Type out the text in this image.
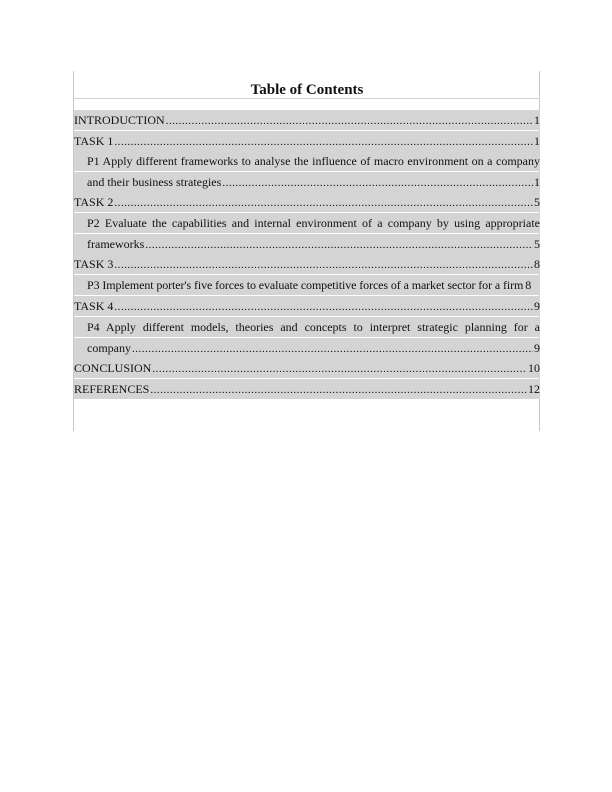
Table of Contents
INTRODUCTION .....	1
TASK 1 .....	1
P1 Apply different frameworks to analyse the influence of macro environment on a company
and their business strategies .....	1
TASK 2 .....	5
P2 Evaluate the capabilities and internal environment of a company by using appropriate
frameworks .....	5
TASK 3 .....	8
P3 Implement porter's five forces to evaluate competitive forces of a market sector for a firm 8
TASK 4 .....	9
P4 Apply different models, theories and concepts to interpret strategic planning for a
company .....	9
CONCLUSION .....	10
REFERENCES .....	12
